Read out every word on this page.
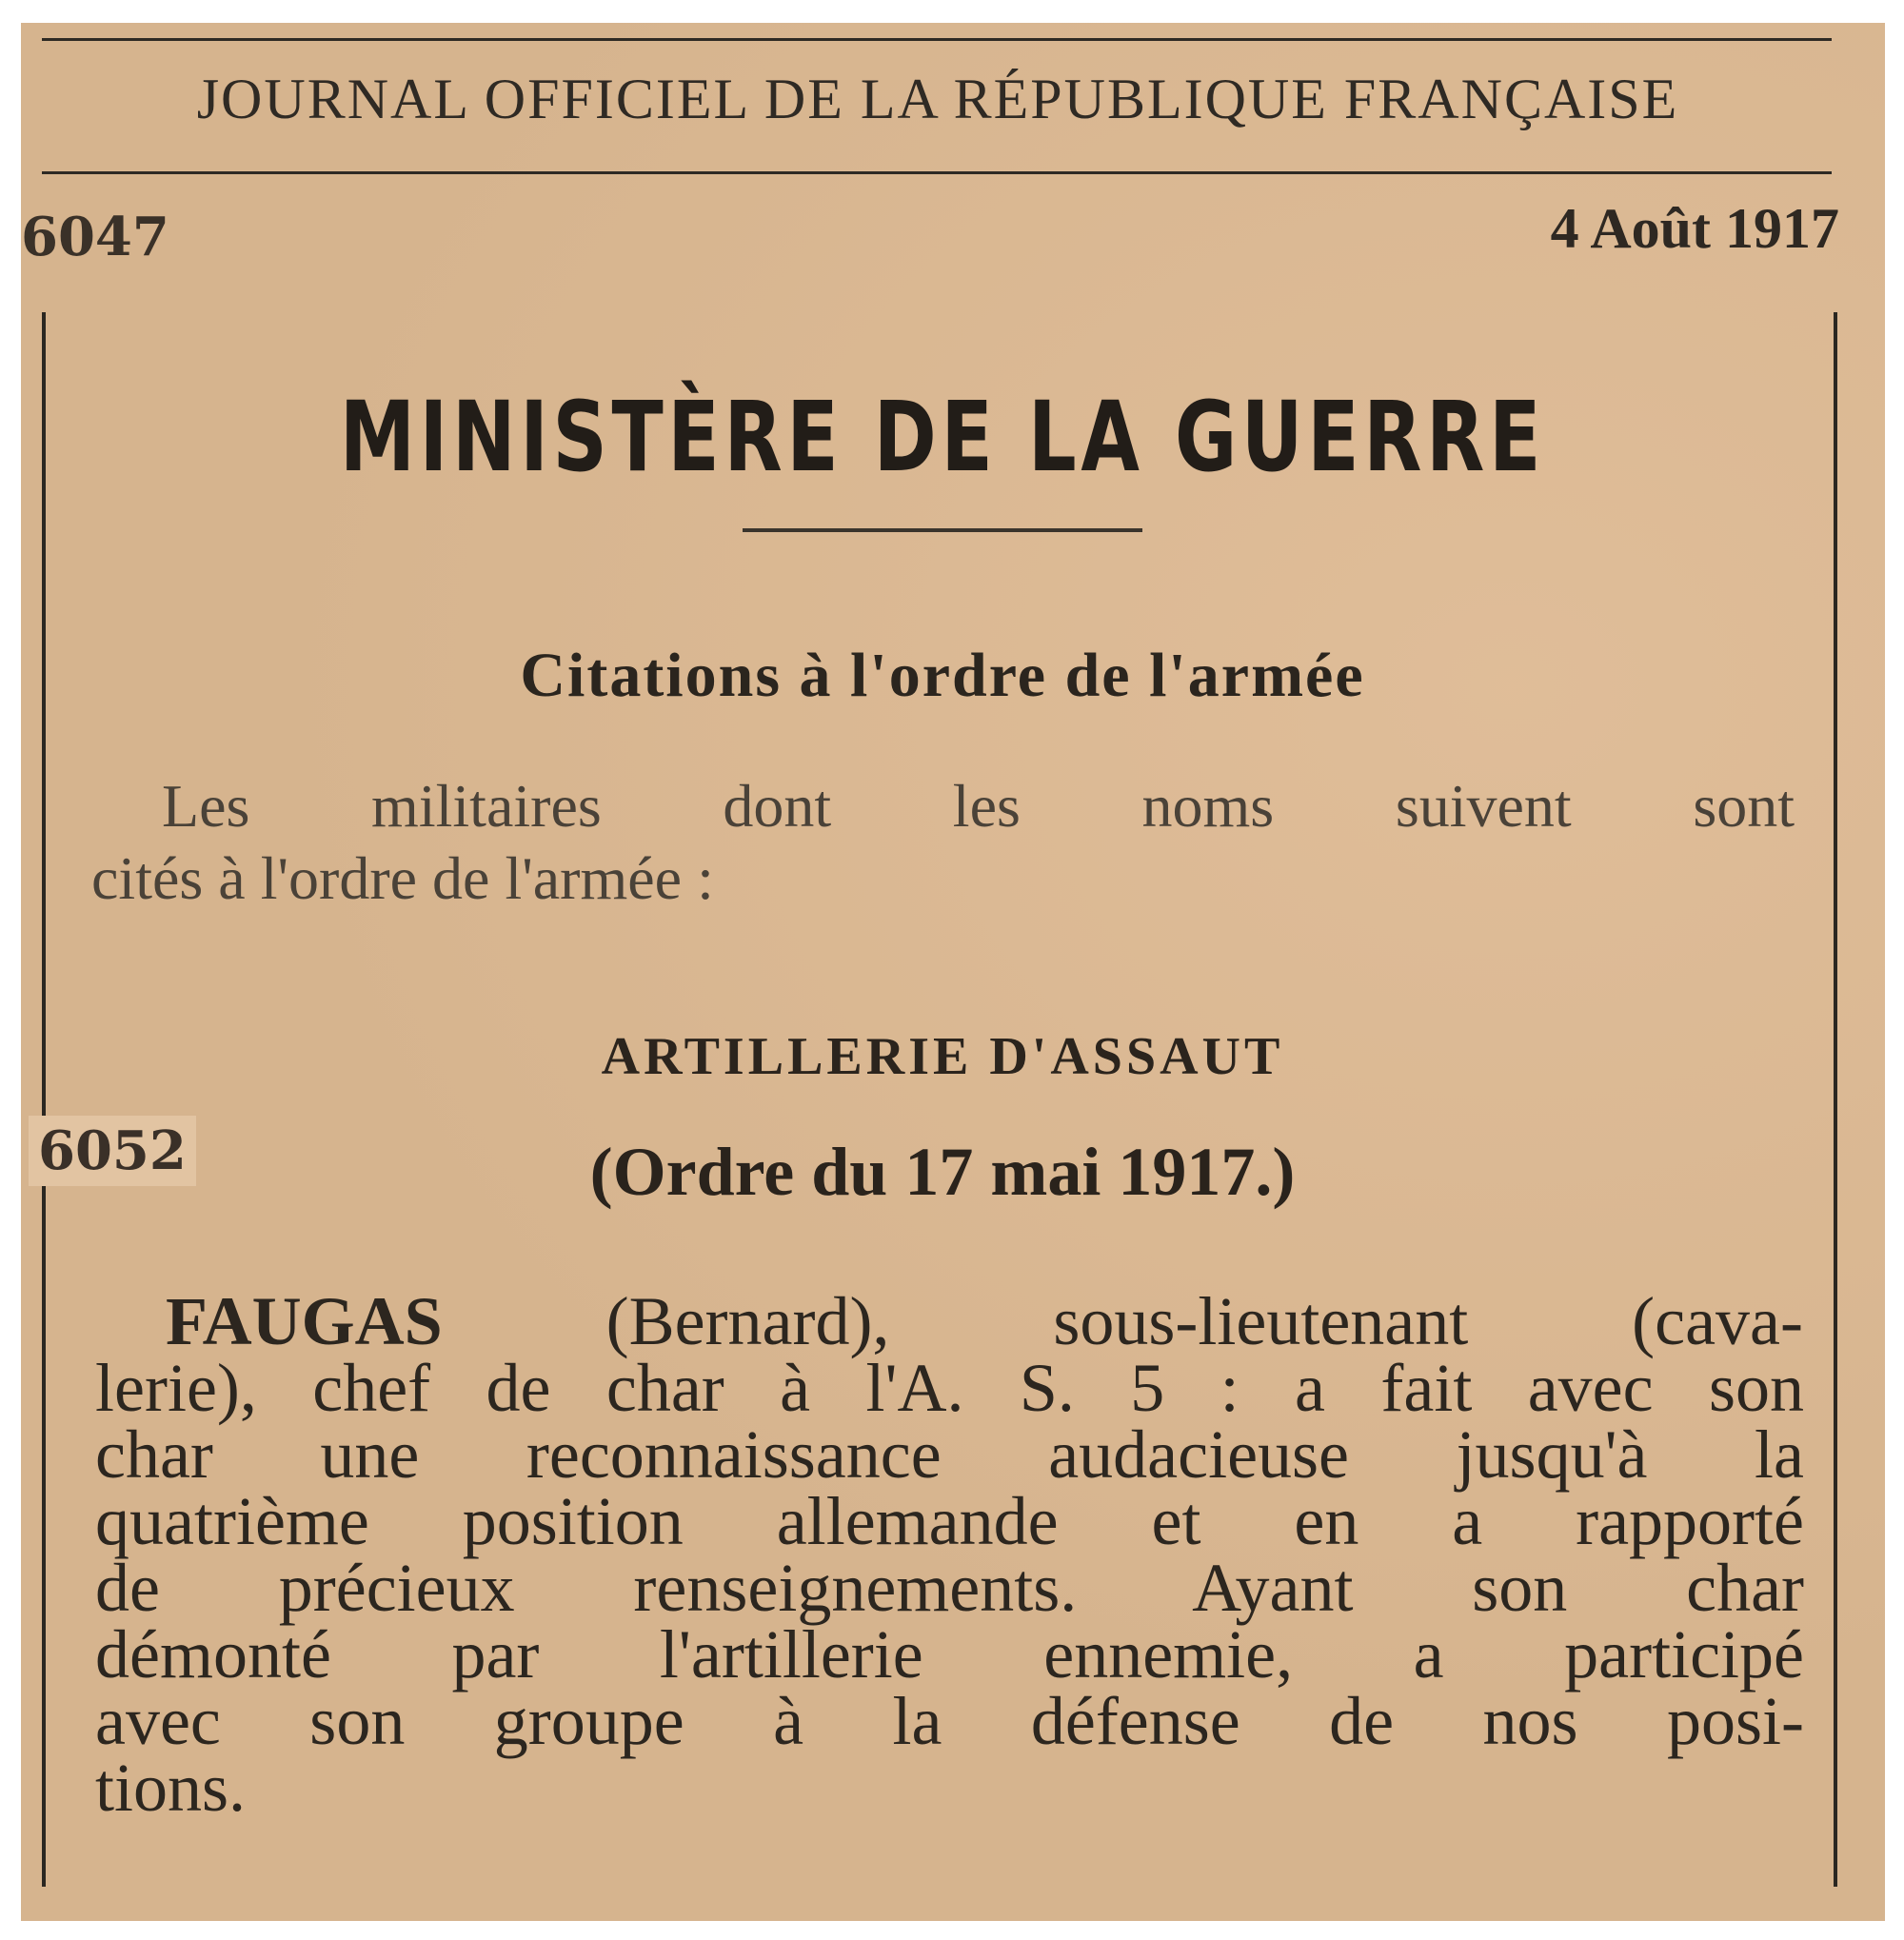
JOURNAL OFFICIEL DE LA RÉPUBLIQUE FRANÇAISE
6047	4 Août 1917
MINISTÈRE DE LA GUERRE
Citations à l'ordre de l'armée
Les militaires dont les noms suivent sont
cités à l'ordre de l'armée :
ARTILLERIE D'ASSAUT
6052	(Ordre du 17 mai 1917.)
FAUGAS (Bernard), sous-lieutenant (cava-
lerie), chef de char à l'A. S. 5 : a fait avec son
char une reconnaissance audacieuse jusqu'à la
quatrième position allemande et en a rapporté
de précieux renseignements. Ayant son char
démonté par l'artillerie ennemie, a participé
avec son groupe à la défense de nos posi-
tions.
